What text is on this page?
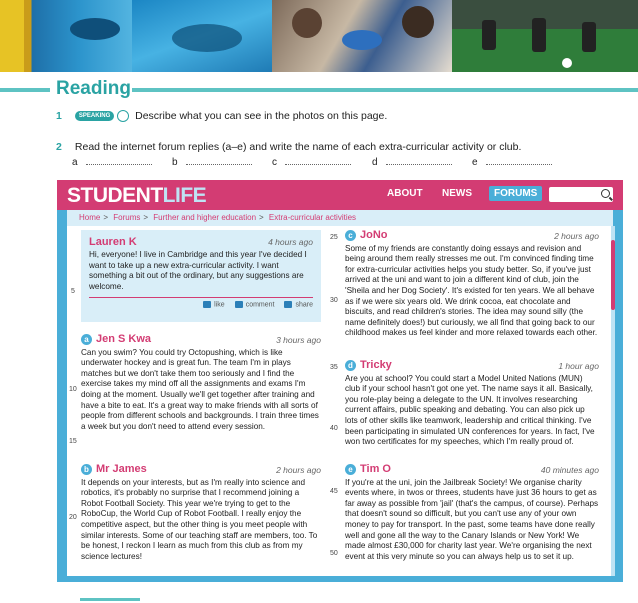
Reading
1	SPEAKING Describe what you can see in the photos on this page.
2 Read the internet forum replies (a–e) and write the name of each extra-curricular activity or club.
a	b	c	d	e
STUDENTLIFE	ABOUT NEWS	FORUMS
Home > Forums > Further and higher education > Extra-curricular activities
Lauren K	4 hours ago
Hi, everyone! I live in Cambridge and this year I've decided I want to take up a new extra-curricular activity. I want something a bit out of the ordinary, but any suggestions are welcome.
like	comment	share
a Jen S Kwa	3 hours ago
Can you swim? You could try Octopushing, which is like underwater hockey and is great fun. The team I'm in plays matches but we don't take them too seriously and I find the exercise takes my mind off all the assignments and exams I'm doing at the moment. Usually we'll get together after training and have a bite to eat. It's a great way to make friends with all sorts of people from different schools and backgrounds. I train three times a week but you don't need to attend every session.
b Mr James	2 hours ago
It depends on your interests, but as I'm really into science and robotics, it's probably no surprise that I recommend joining a Robot Football Society. This year we're trying to get to the RoboCup, the World Cup of Robot Football. I really enjoy the competitive aspect, but the other thing is you meet people with similar interests. Some of our teaching staff are members, too. To be honest, I reckon I learn as much from this club as from my science lectures!
c JoNo	2 hours ago
Some of my friends are constantly doing essays and revision and being around them really stresses me out. I'm convinced finding time for extra-curricular activities helps you study better. So, if you've just arrived at the uni and want to join a different kind of club, join the 'Sheila and her Dog Society'. It's existed for ten years. We all behave as if we were six years old. We drink cocoa, eat chocolate and biscuits, and read children's stories. The idea may sound silly (the name definitely does!) but curiously, we all find that going back to our childhood makes us feel kinder and more relaxed towards each other.
d Tricky	1 hour ago
Are you at school? You could start a Model United Nations (MUN) club if your school hasn't got one yet. The name says it all. Basically, you role-play being a delegate to the UN. It involves researching current affairs, public speaking and debating. You can also pick up lots of other skills like teamwork, leadership and critical thinking. I've been participating in simulated UN conferences for years. In fact, I've won two certificates for my speeches, which I'm really proud of.
e Tim O	40 minutes ago
If you're at the uni, join the Jailbreak Society! We organise charity events where, in twos or threes, students have just 36 hours to get as far away as possible from 'jail' (that's the campus, of course). Perhaps that doesn't sound so difficult, but you can't use any of your own money to pay for transport. In the past, some teams have done really well and gone all the way to the Canary Islands or New York! We made almost £30,000 for charity last year. We're organising the next event at this very minute so you can always help us to set it up.
5
10
15
20
25
30
35
40
45
50
